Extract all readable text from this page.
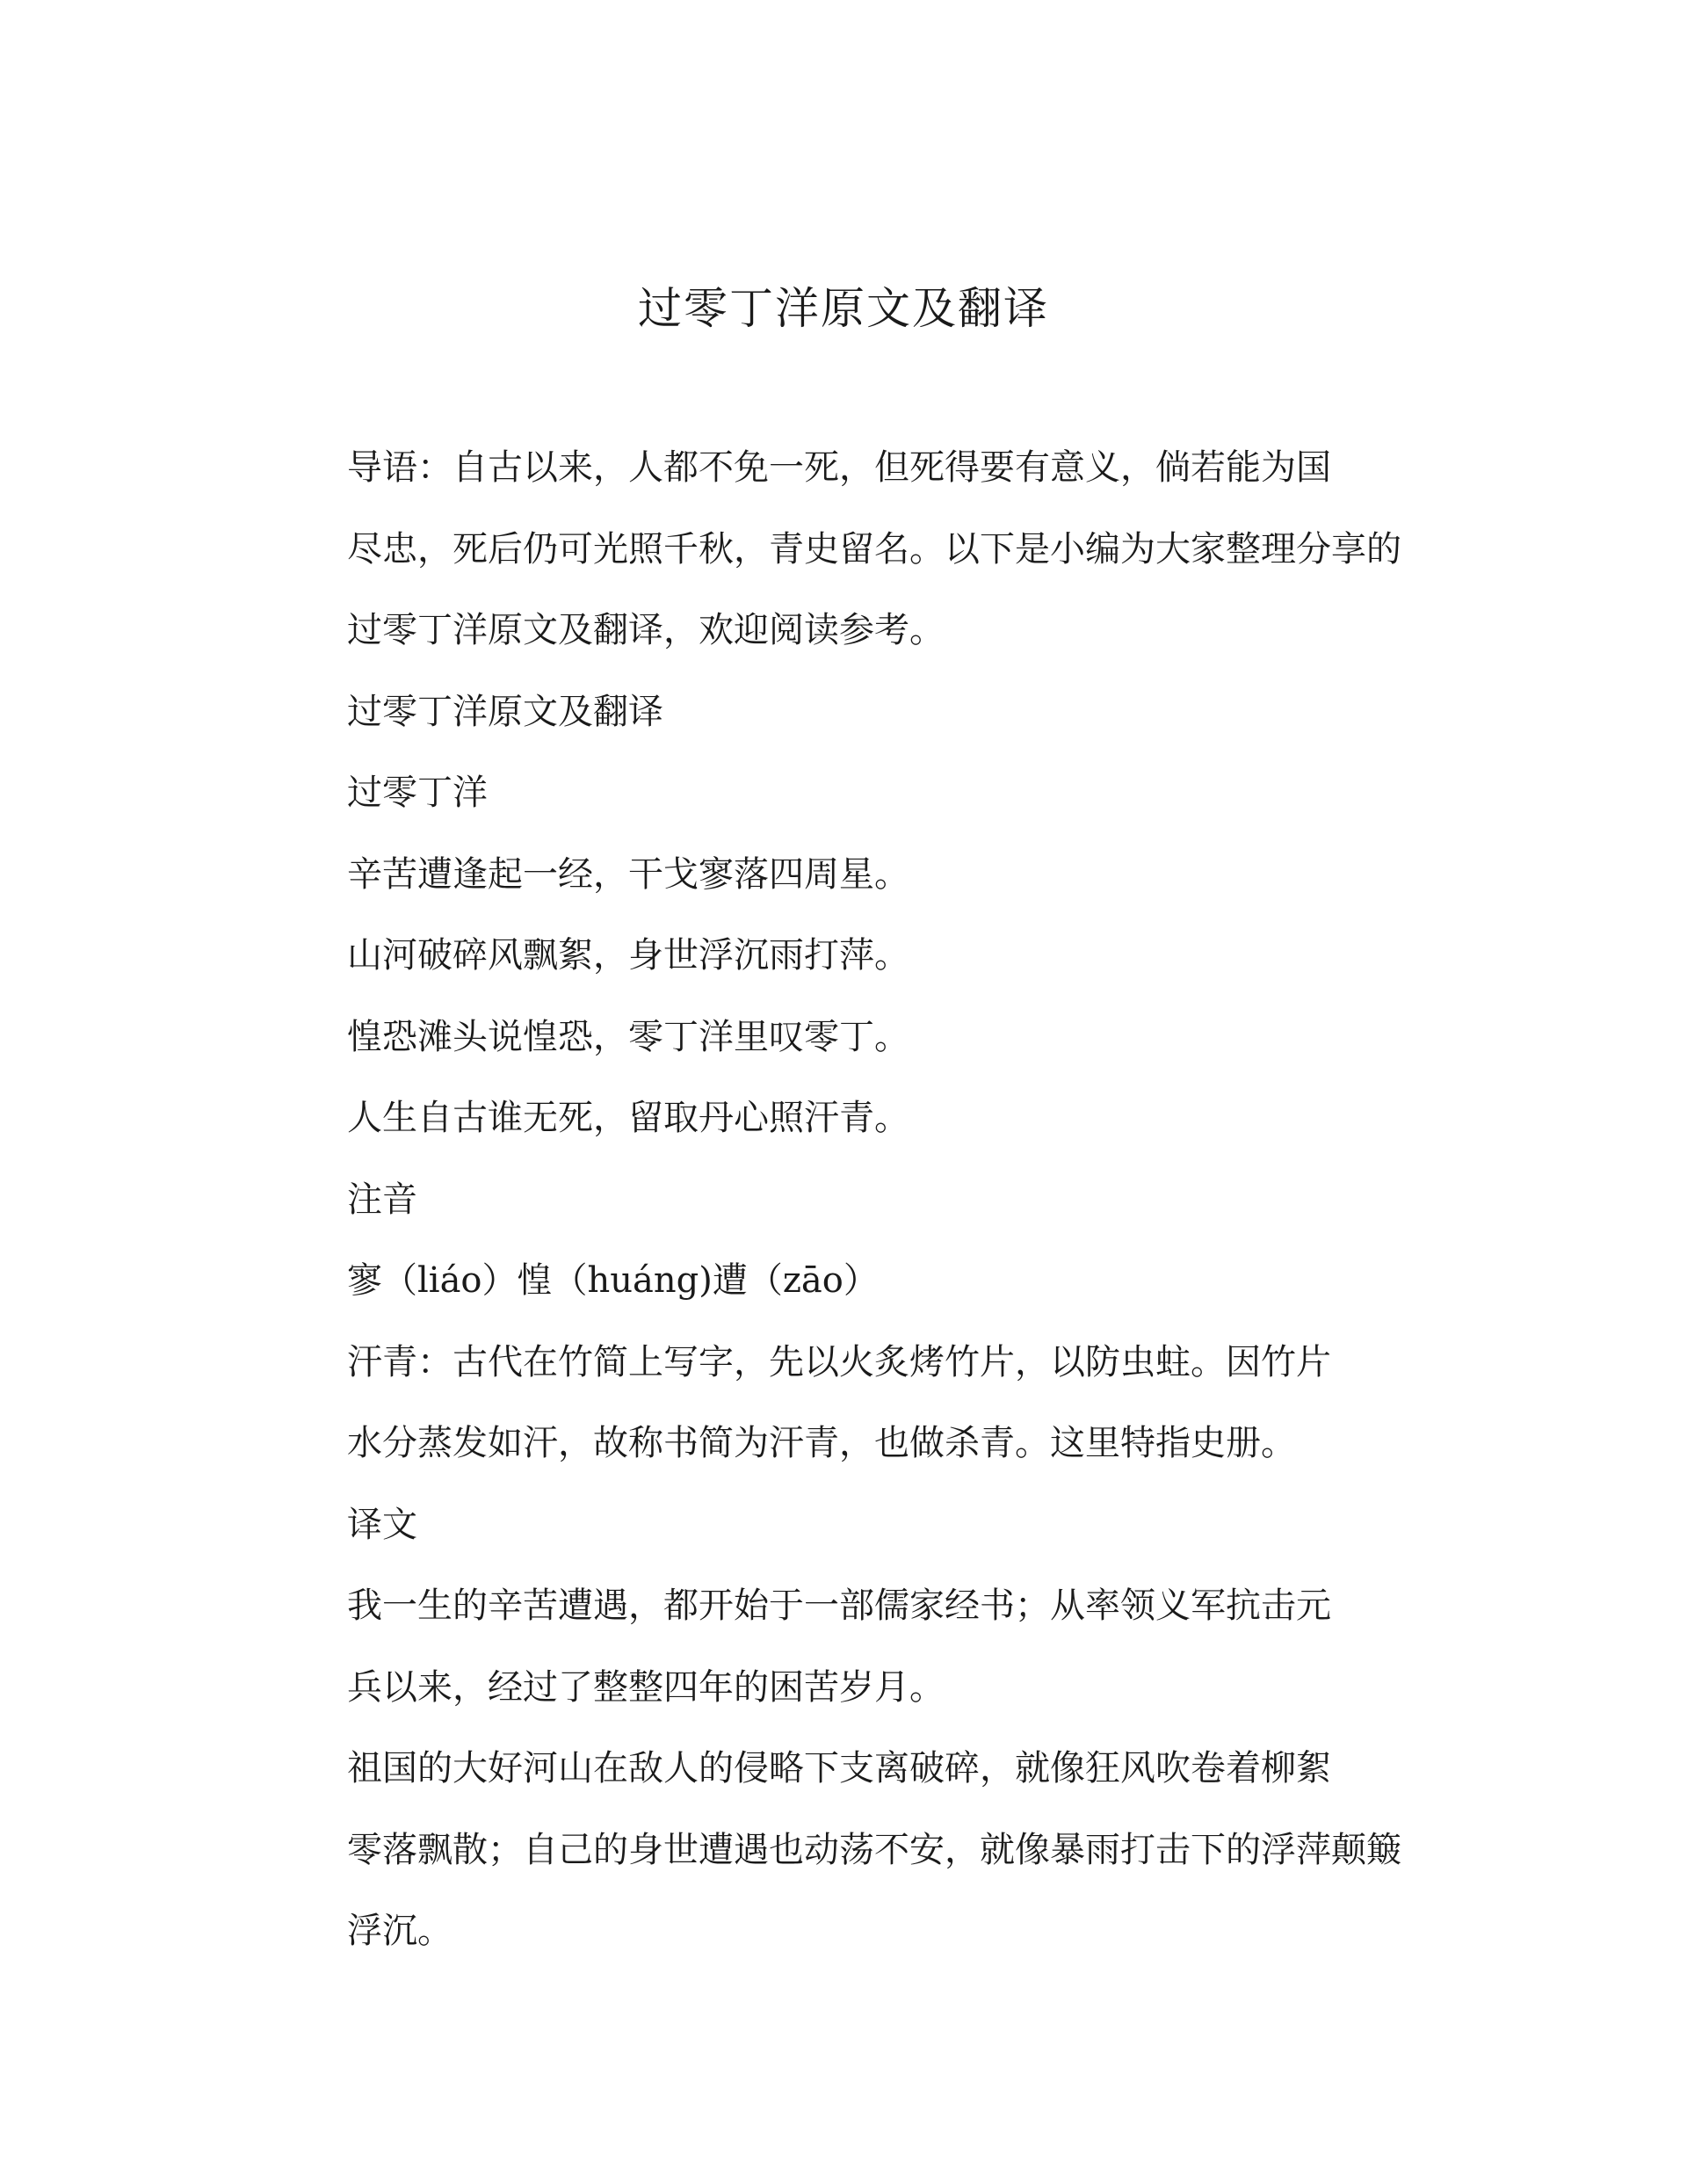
过零丁洋原文及翻译

导语：自古以来，人都不免一死，但死得要有意义，倘若能为国
尽忠，死后仍可光照千秋，青史留名。以下是小编为大家整理分享的
过零丁洋原文及翻译，欢迎阅读参考。

过零丁洋原文及翻译

过零丁洋

辛苦遭逢起一经，干戈寥落四周星。

山河破碎风飘絮，身世浮沉雨打萍。

惶恐滩头说惶恐，零丁洋里叹零丁。

人生自古谁无死，留取丹心照汗青。

注音

寥（liáo）惶（huáng)遭（zāo）

汗青：古代在竹简上写字，先以火炙烤竹片，以防虫蛀。因竹片
水分蒸发如汗，故称书简为汗青，也做杀青。这里特指史册。

译文

我一生的辛苦遭遇，都开始于一部儒家经书；从率领义军抗击元
兵以来，经过了整整四年的困苦岁月。

祖国的大好河山在敌人的侵略下支离破碎，就像狂风吹卷着柳絮
零落飘散；自己的身世遭遇也动荡不安，就像暴雨打击下的浮萍颠簸
浮沉。
